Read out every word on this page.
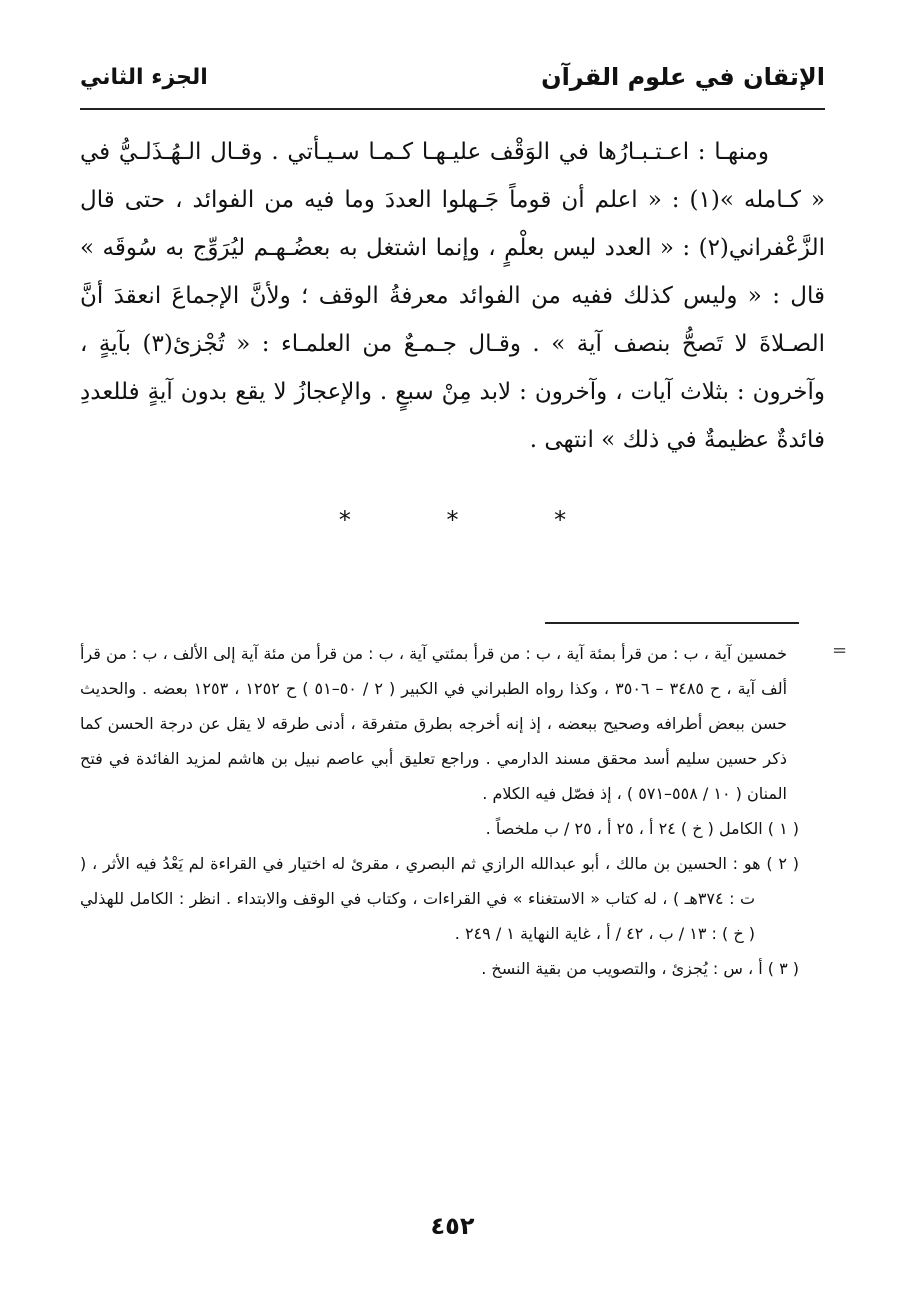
الإتقان في علوم القرآن
الجزء الثاني

ومنهـا : اعـتـبـارُها في الوَقْف عليـهـا كـمـا سـيـأتي . وقـال الـهُـذَلـيُّ في « كـامله »(١) : « اعلم أن قوماً جَـهلوا العددَ وما فيه من الفوائد ، حتى قال الزَّعْفراني(٢) : « العدد ليس بعلْمٍ ، وإنما اشتغل به بعضُـهـم ليُرَوِّج به سُوقَه » قال : « وليس كذلك ففيه من الفوائد معرفةُ الوقف ؛ ولأنَّ الإجماعَ انعقدَ أنَّ الصـلاةَ لا تَصحُّ بنصف آية » . وقـال جـمـعٌ من العلمـاء : « تُجْزئ(٣) بآيةٍ ، وآخرون : بثلاث آيات ، وآخرون : لابد مِنْ سبعٍ . والإعجازُ لا يقع بدون آيةٍ فللعددِ فائدةٌ عظيمةٌ في ذلك » انتهى .

* * *
=

خمسين آية ، ب : من قرأ بمئة آية ، ب : من قرأ بمئتي آية ، ب : من قرأ من مئة آية إلى الألف ، ب : من قرأ ألف آية ، ح ٣٤٨٥ – ٣٥٠٦ ، وكذا رواه الطبراني في الكبير ( ٢ / ٥٠–٥١ ) ح ١٢٥٢ ، ١٢٥٣ بعضه . والحديث حسن ببعض أطرافه وصحيح ببعضه ، إذ إنه أخرجه بطرق متفرقة ، أدنى طرقه لا يقل عن درجة الحسن كما ذكر حسين سليم أسد محقق مسند الدارمي . وراجع تعليق أبي عاصم نبيل بن هاشم لمزيد الفائدة في فتح المنان ( ١٠ / ٥٥٨–٥٧١ ) ، إذ فصّل فيه الكلام .

( ١ ) الكامل ( خ ) ٢٤ أ ، ٢٥ أ ، ٢٥ / ب ملخصاً .

( ٢ ) هو : الحسين بن مالك ، أبو عبدالله الرازي ثم البصري ، مقرئ له اختيار في القراءة لم يَعْدُ فيه الأثر ، ( ت : ٣٧٤هـ ) ، له كتاب « الاستغناء » في القراءات ، وكتاب في الوقف والابتداء . انظر : الكامل للهذلي ( خ ) : ١٣ / ب ، ٤٢ / أ ، غاية النهاية ١ / ٢٤٩ .

( ٣ ) أ ، س : يُجزئ ، والتصويب من بقية النسخ .

٤٥٢
